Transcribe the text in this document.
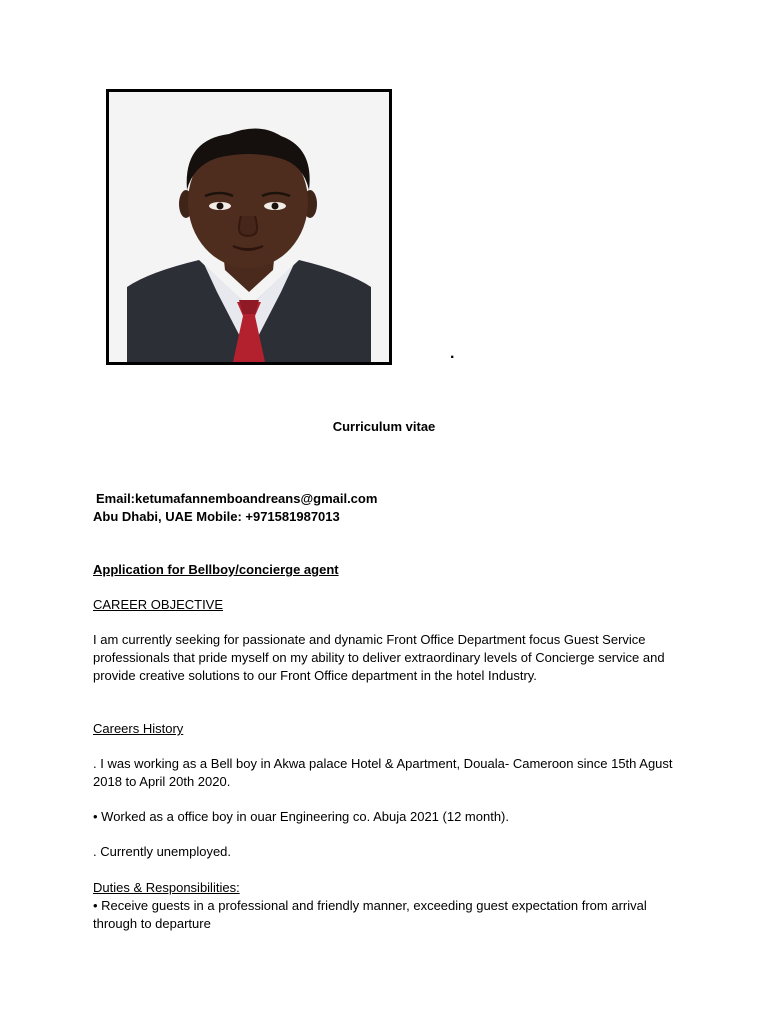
.
Curriculum vitae
Email:ketumafannemboandreans@gmail.com
Abu Dhabi, UAE Mobile: +971581987013
Application for Bellboy/concierge agent
CAREER OBJECTIVE
I am currently seeking for passionate and dynamic Front Office Department focus Guest Service professionals that pride myself on my ability to deliver extraordinary levels of Concierge service and provide creative solutions to our Front Office department in the hotel Industry.
Careers History
. I was working as a Bell boy in Akwa palace Hotel & Apartment, Douala- Cameroon since 15th Agust 2018 to April 20th 2020.
• Worked as a office boy in ouar Engineering co. Abuja 2021 (12 month).
. Currently unemployed.
Duties & Responsibilities:
• Receive guests in a professional and friendly manner, exceeding guest expectation from arrival through to departure
